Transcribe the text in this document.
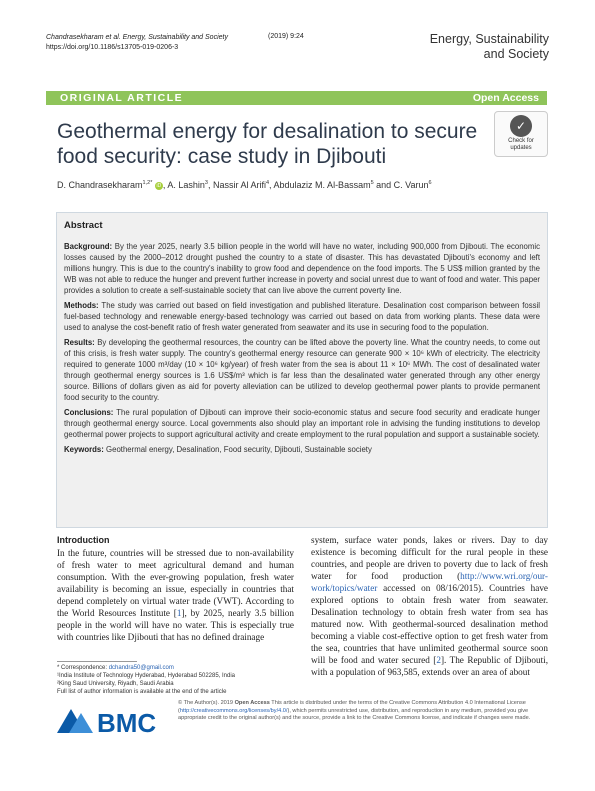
Chandrasekharam et al. Energy, Sustainability and Society
https://doi.org/10.1186/s13705-019-0206-3
(2019) 9:24	Energy, Sustainability
and Society
ORIGINAL ARTICLE	Open Access
Geothermal energy for desalination to secure food security: case study in Djibouti
✓
Check for
updates
D. Chandrasekharam$^{1,2*}$ iD , A. Lashin$^3$, Nassir Al Arifi$^4$, Abdulaziz M. Al-Bassam$^5$ and C. Varun$^6$
Abstract
Background: By the year 2025, nearly 3.5 billion people in the world will have no water, including 900,000 from Djibouti. The economic losses caused by the 2000–2012 drought pushed the country to a state of disaster. This has devastated Djibouti's economy and left millions hungry. This is due to the country's inability to grow food and dependence on the food imports. The 5 US$ million granted by the WB was not able to reduce the hunger and prevent further increase in poverty and social unrest due to want of food and water. This paper provides a solution to create a self-sustainable society that can live above the current poverty line.
Methods: The study was carried out based on field investigation and published literature. Desalination cost comparison between fossil fuel-based technology and renewable energy-based technology was carried out based on data from working plants. These data were used to analyse the cost-benefit ratio of fresh water generated from seawater and its use in securing food to the population.
Results: By developing the geothermal resources, the country can be lifted above the poverty line. What the country needs, to come out of this crisis, is fresh water supply. The country's geothermal energy resource can generate 900 × 10⁶ kWh of electricity. The electricity required to generate 1000 m³/day (10 × 10⁶ kg/year) of fresh water from the sea is about 11 × 10⁶ MWh. The cost of desalinated water through geothermal energy sources is 1.6 US$/m³ which is far less than the desalinated water generated through any other energy source. Billions of dollars given as aid for poverty alleviation can be utilized to develop geothermal power plants to provide permanent food security to the country.
Conclusions: The rural population of Djibouti can improve their socio-economic status and secure food security and eradicate hunger through geothermal energy source. Local governments also should play an important role in advising the funding institutions to develop geothermal power projects to support agricultural activity and create employment to the rural population and support a sustainable society.
Keywords: Geothermal energy, Desalination, Food security, Djibouti, Sustainable society
Introduction
In the future, countries will be stressed due to non-availability of fresh water to meet agricultural demand and human consumption. With the ever-growing population, fresh water availability is becoming an issue, especially in countries that depend completely on virtual water trade (VWT). According to the World Resources Institute [1], by 2025, nearly 3.5 billion people in the world will have no water. This is especially true with countries like Djibouti that has no defined drainage
system, surface water ponds, lakes or rivers. Day to day existence is becoming difficult for the rural people in these countries, and people are driven to poverty due to lack of fresh water for food production (http://www.wri.org/our-work/topics/water accessed on 08/16/2015). Countries have explored options to obtain fresh water from seawater. Desalination technology to obtain fresh water from sea has matured now. With geothermal-sourced desalination method becoming a viable cost-effective option to get fresh water from the sea, countries that have unlimited geothermal source soon will be food and water secured [2]. The Republic of Djibouti, with a population of 963,585, extends over an area of about
* Correspondence: dchandra50@gmail.com
¹India Institute of Technology Hyderabad, Hyderabad 502285, India
²King Saud University, Riyadh, Saudi Arabia
Full list of author information is available at the end of the article
BMC
© The Author(s). 2019 Open Access This article is distributed under the terms of the Creative Commons Attribution 4.0 International License (http://creativecommons.org/licenses/by/4.0/), which permits unrestricted use, distribution, and reproduction in any medium, provided you give appropriate credit to the original author(s) and the source, provide a link to the Creative Commons license, and indicate if changes were made.
